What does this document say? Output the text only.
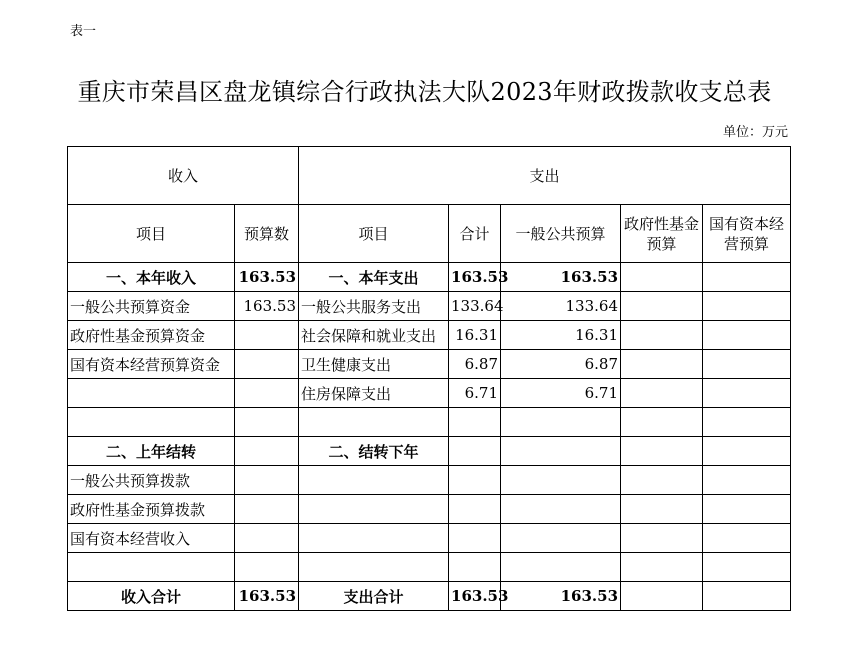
表一
重庆市荣昌区盘龙镇综合行政执法大队2023年财政拨款收支总表
单位：万元
收入		支出				
项目	预算数	项目	合计	一般公共预算	政府性基金预算	国有资本经营预算
一、本年收入	163.53	一、本年支出	163.53	163.53		
一般公共预算资金	163.53	一般公共服务支出	133.64	133.64		
政府性基金预算资金		社会保障和就业支出	16.31	16.31		
国有资本经营预算资金		卫生健康支出	6.87	6.87		
		住房保障支出	6.71	6.71		

二、上年结转		二、结转下年				
一般公共预算拨款						
政府性基金预算拨款						
国有资本经营收入						

收入合计	163.53	支出合计	163.53	163.53		
